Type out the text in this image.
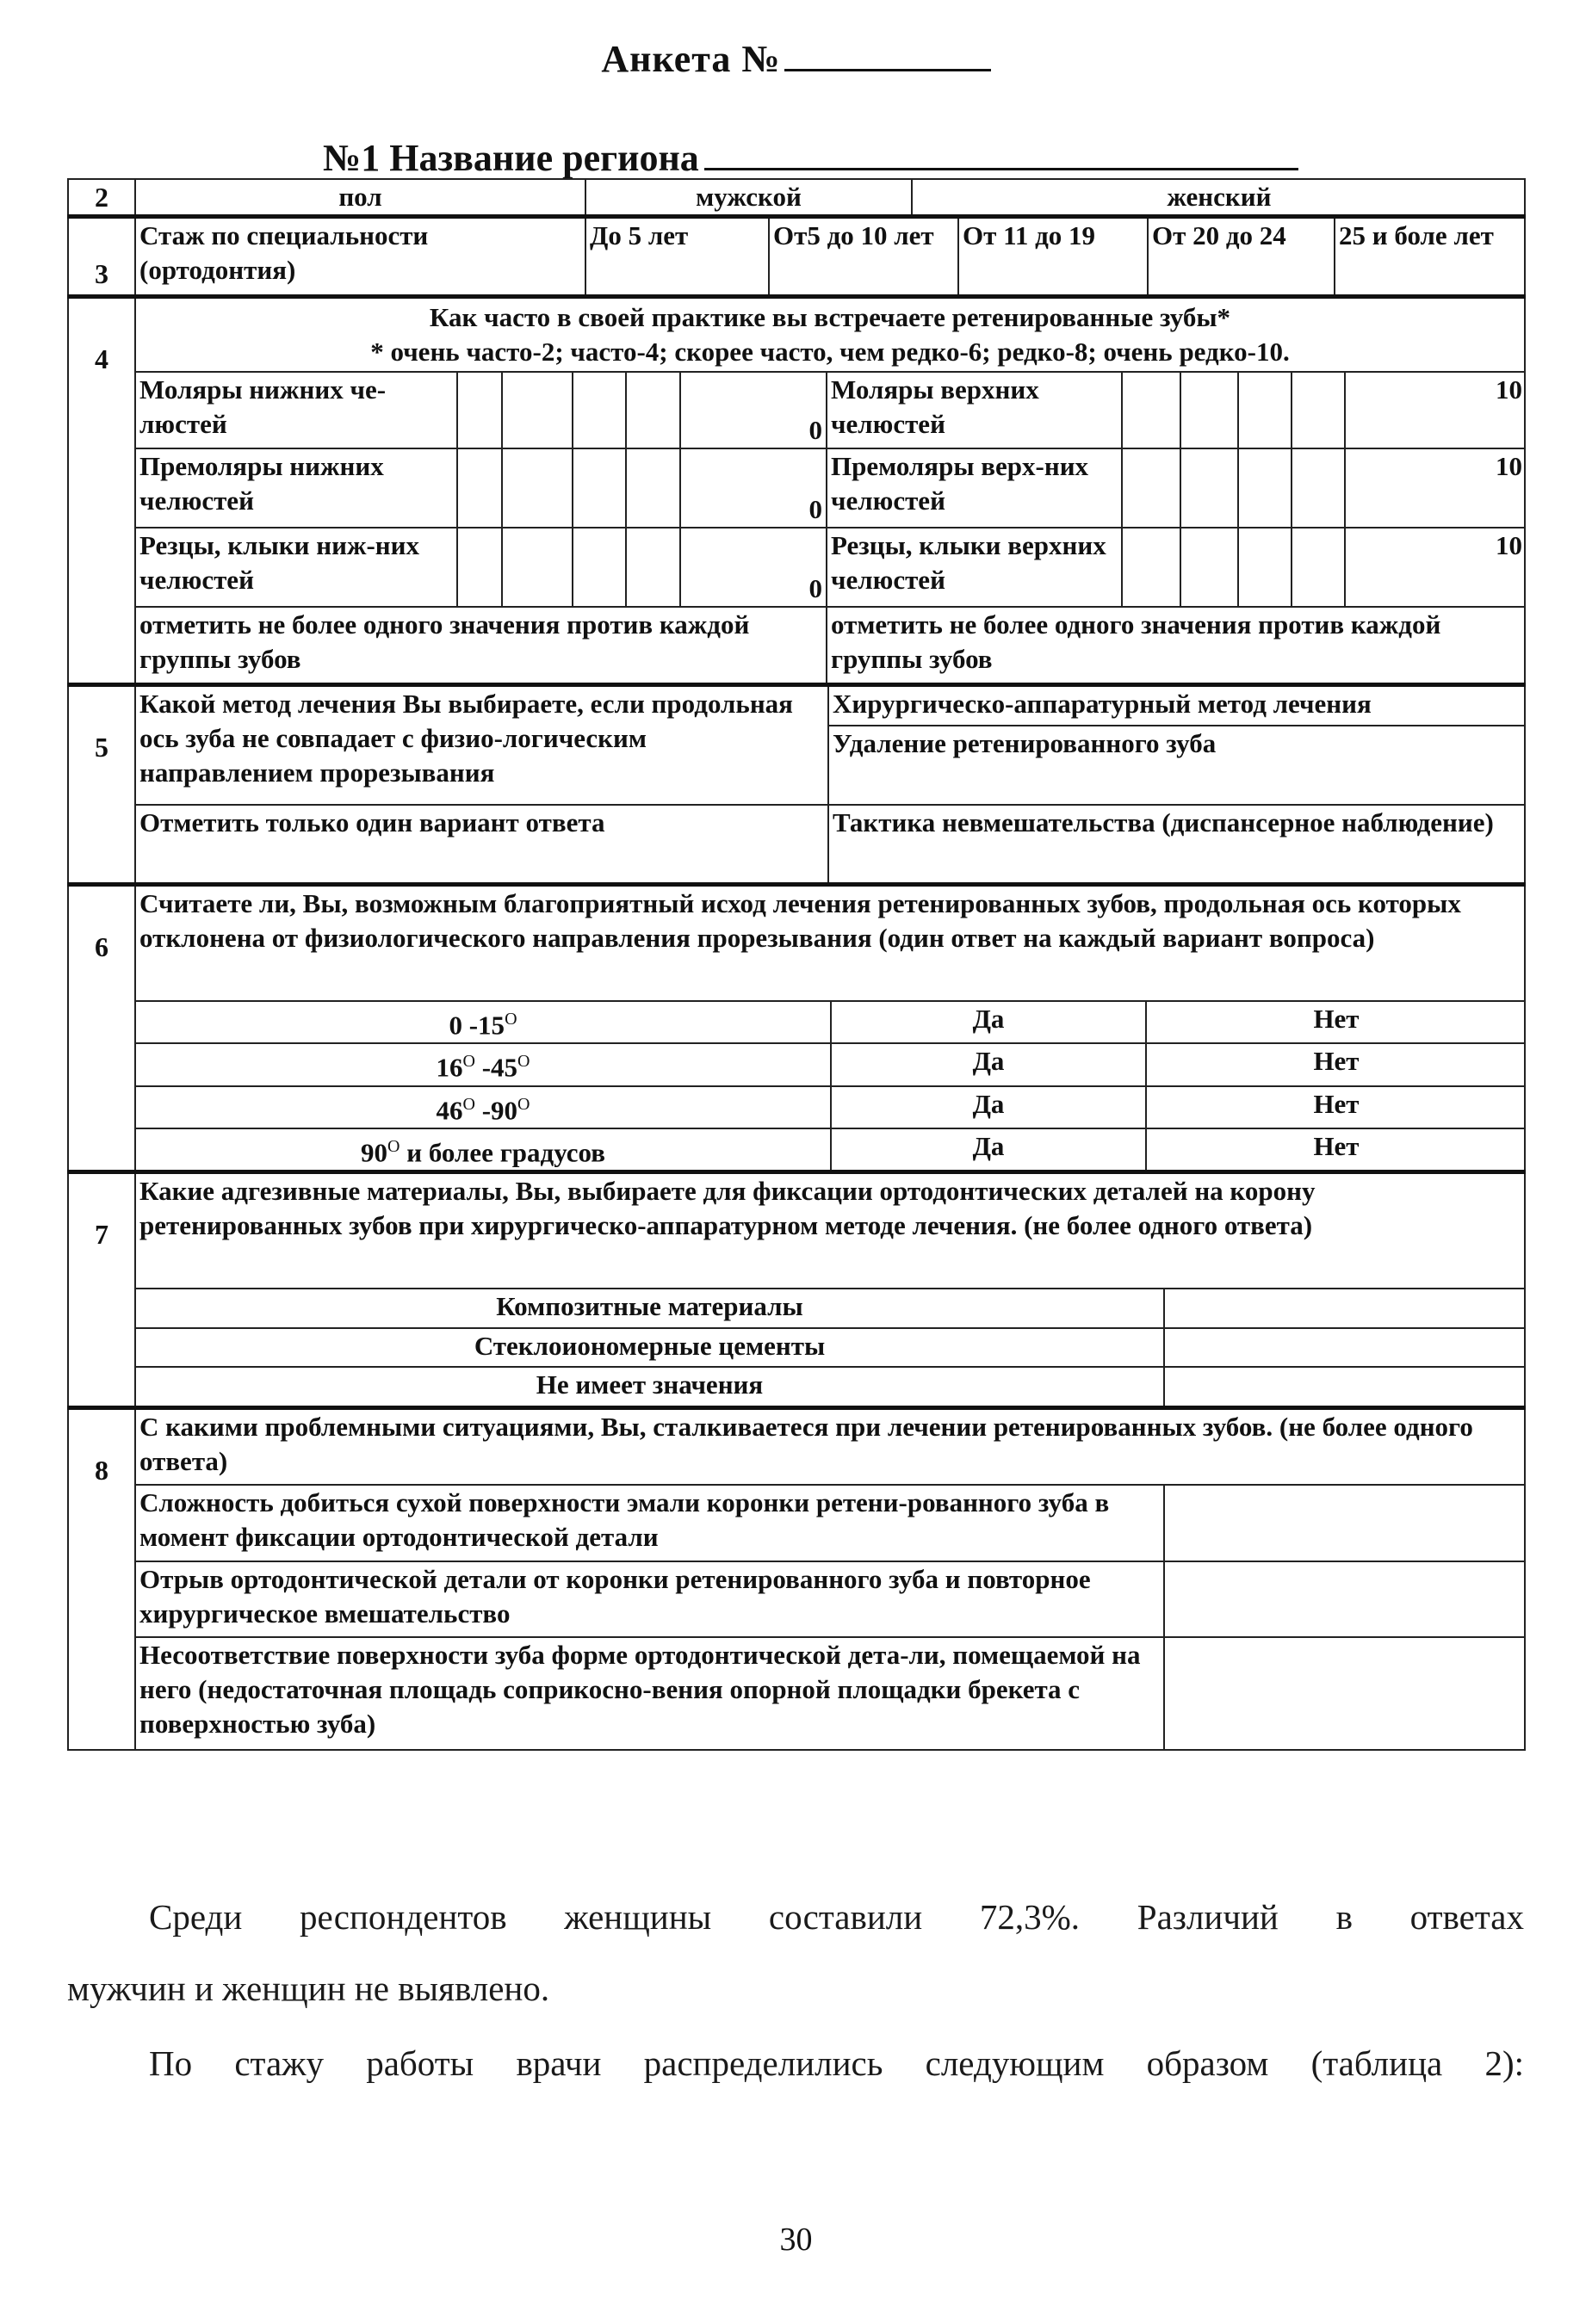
Анкета №
№1 Название региона
2		пол	мужской	женский

3	
Стаж по специальности (ортодонтия)	До 5 лет	От5 до 10 лет	От 11 до 19	От 20 до 24	25 и боле лет

4	
Как часто в своей практике вы встречаете ретенированные зубы*
* очень часто-2; часто-4; скорее часто, чем редко-6; редко-8; очень редко-10.
Моляры нижних че-люстей					0	Моляры верхних челюстей					10
Премоляры нижних челюстей					0	Премоляры верх-них челюстей					10
Резцы, клыки ниж-них челюстей					0	Резцы, клыки верхних челюстей					10
отметить не более одного значения против каждой группы зубов	отметить не более одного значения против каждой группы зубов

5	
Какой метод лечения Вы выбираете, если продольная ось зуба не совпадает с физио-логическим направлением прорезывания	Хирургическо-аппаратурный метод лечения
Удаление ретенированного зуба
Отметить только один вариант ответа	Тактика невмешательства (диспансерное наблюдение)

6	
Считаете ли, Вы, возможным благоприятный исход лечения ретенированных зубов, продольная ось которых отклонена от физиологического направления прорезывания (один ответ на каждый вариант вопроса)
0 $-15^О$	Да	Нет
$16^О$ $-45^О$	Да	Нет
$46^О$ $-90^О$	Да	Нет
$90^О$ и более градусов	Да	Нет

7	
Какие адгезивные материалы, Вы, выбираете для фиксации ортодонтических деталей на корону ретенированных зубов при хирургическо-аппаратурном методе лечения. (не более одного ответа)
Композитные материалы	
Стеклоиономерные цементы	
Не имеет значения	

8	
С какими проблемными ситуациями, Вы, сталкиваетеся при лечении ретенированных зубов. (не более одного ответа)
Сложность добиться сухой поверхности эмали коронки ретени-рованного зуба в момент фиксации ортодонтической детали	
Отрыв ортодонтической детали от коронки ретенированного зуба и повторное хирургическое вмешательство	
Несоответствие поверхности зуба форме ортодонтической дета-ли, помещаемой на него (недостаточная площадь соприкосно-вения опорной площадки брекета с поверхностью зуба)	
Среди респондентов женщины составили 72,3%. Различий в ответах
мужчин и женщин не выявлено.
По стажу работы врачи распределились следующим образом (таблица 2):
30
